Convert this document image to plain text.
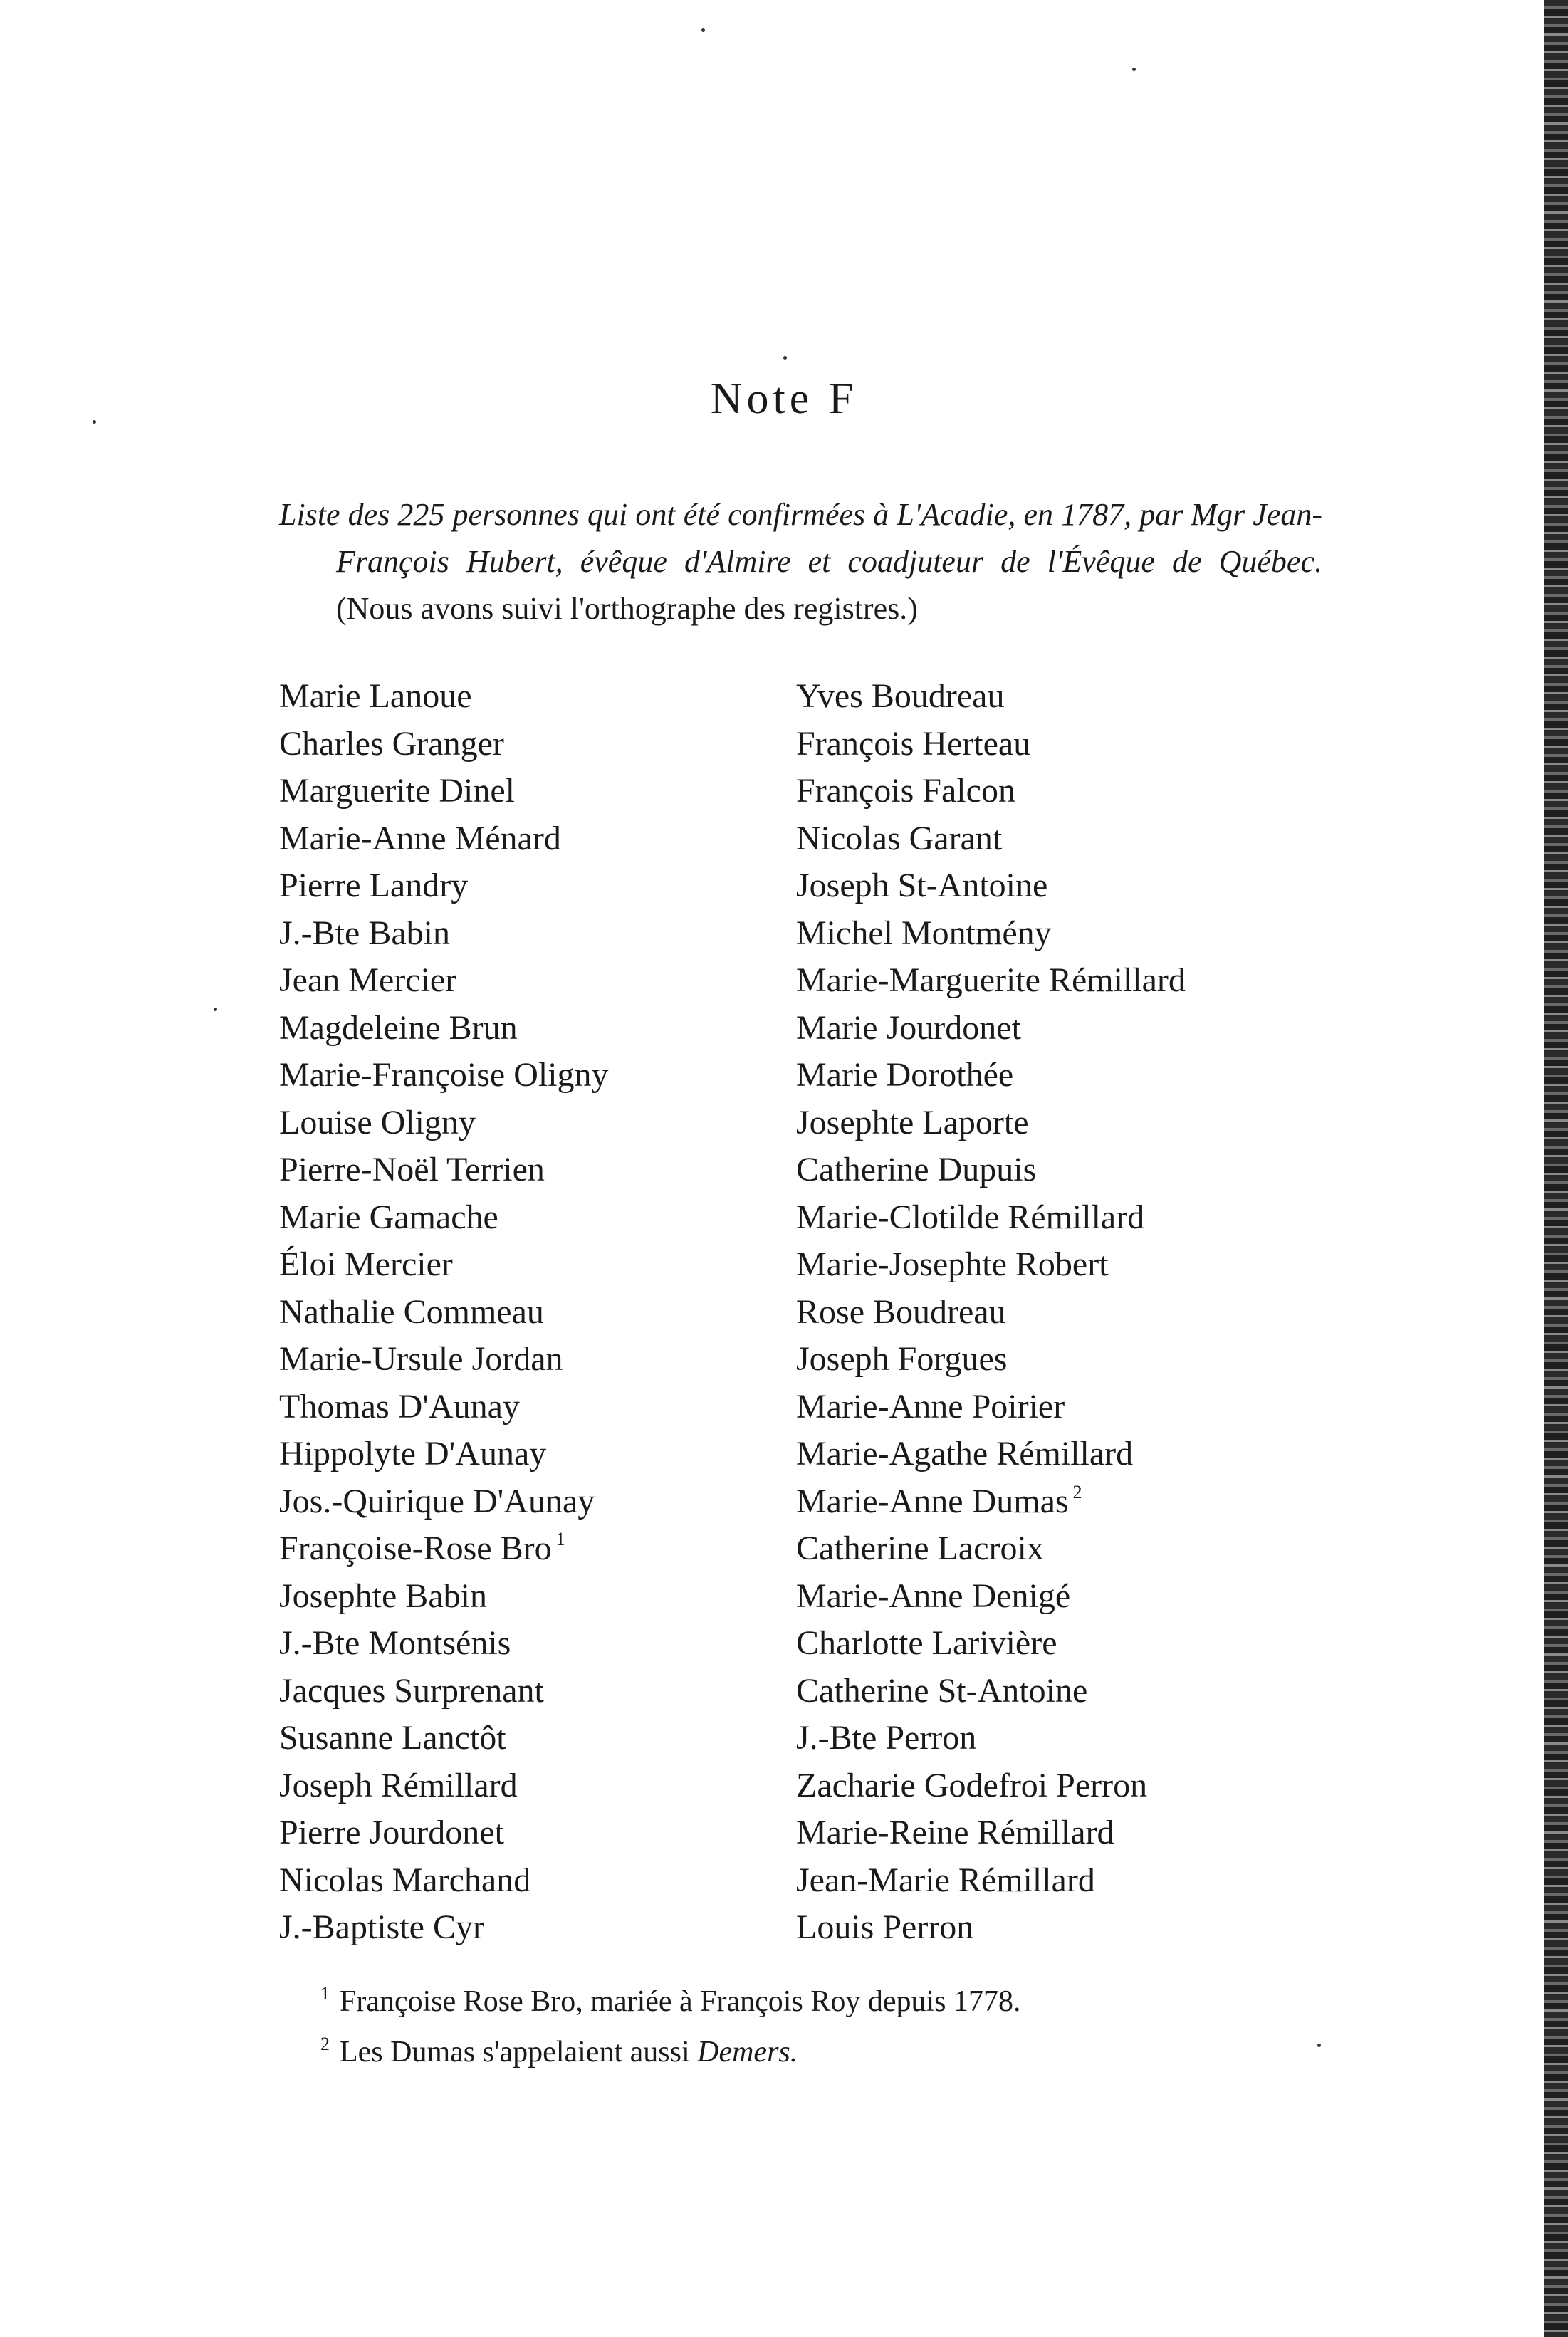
Note F

Liste des 225 personnes qui ont été confirmées à L'Acadie, en 1787, par Mgr Jean-François Hubert, évêque d'Almire et coadjuteur de l'Évêque de Québec. (Nous avons suivi l'orthographe des registres.)

Marie Lanoue
Charles Granger
Marguerite Dinel
Marie-Anne Ménard
Pierre Landry
J.-Bte Babin
Jean Mercier
Magdeleine Brun
Marie-Françoise Oligny
Louise Oligny
Pierre-Noël Terrien
Marie Gamache
Éloi Mercier
Nathalie Commeau
Marie-Ursule Jordan
Thomas D'Aunay
Hippolyte D'Aunay
Jos.-Quirique D'Aunay
Françoise-Rose Bro $^1$
Josephte Babin
J.-Bte Montsénis
Jacques Surprenant
Susanne Lanctôt
Joseph Rémillard
Pierre Jourdonet
Nicolas Marchand
J.-Baptiste Cyr
Yves Boudreau
François Herteau
François Falcon
Nicolas Garant
Joseph St-Antoine
Michel Montmény
Marie-Marguerite Rémillard
Marie Jourdonet
Marie Dorothée
Josephte Laporte
Catherine Dupuis
Marie-Clotilde Rémillard
Marie-Josephte Robert
Rose Boudreau
Joseph Forgues
Marie-Anne Poirier
Marie-Agathe Rémillard
Marie-Anne Dumas $^2$
Catherine Lacroix
Marie-Anne Denigé
Charlotte Larivière
Catherine St-Antoine
J.-Bte Perron
Zacharie Godefroi Perron
Marie-Reine Rémillard
Jean-Marie Rémillard
Louis Perron
$^1$ Françoise Rose Bro, mariée à François Roy depuis 1778.
$^2$ Les Dumas s'appelaient aussi Demers.
